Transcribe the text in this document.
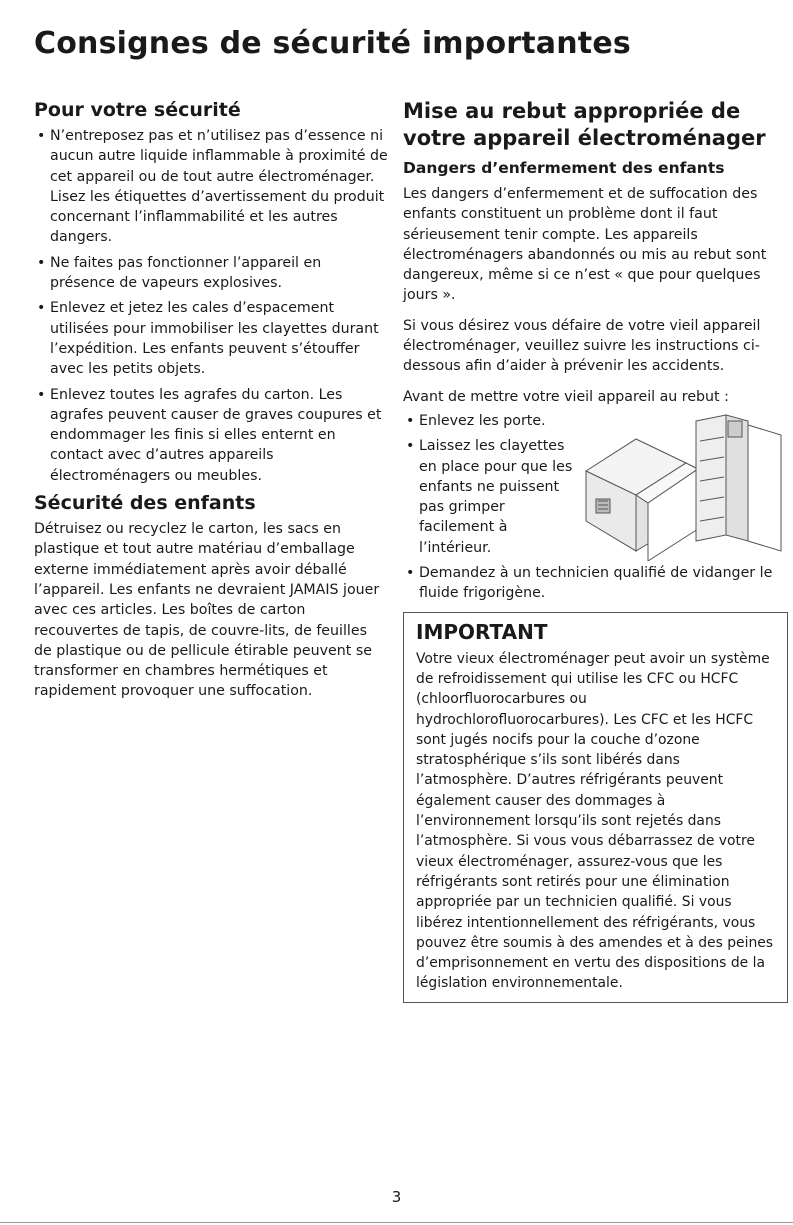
Consignes de sécurité importantes
Pour votre sécurité
• N’entreposez pas et n’utilisez pas d’essence ni aucun autre liquide inflammable à proximité de cet appareil ou de tout autre électroménager. Lisez les étiquettes d’avertissement du produit concernant l’inflammabilité et les autres dangers.
• Ne faites pas fonctionner l’appareil en présence de vapeurs explosives.
• Enlevez et jetez les cales d’espacement utilisées pour immobiliser les clayettes durant l’expédition. Les enfants peuvent s’étouffer avec les petits objets.
• Enlevez toutes les agrafes du carton. Les agrafes peuvent causer de graves coupures et endommager les finis si elles enternt en contact avec d’autres appareils électroménagers ou meubles.
Sécurité des enfants

Détruisez ou recyclez le carton, les sacs en plastique et tout autre matériau d’emballage externe immédiatement après avoir déballé l’appareil. Les enfants ne devraient JAMAIS jouer avec ces articles. Les boîtes de carton recouvertes de tapis, de couvre-lits, de feuilles de plastique ou de pellicule étirable peuvent se transformer en chambres hermétiques et rapidement provoquer une suffocation.

Mise au rebut appropriée de votre appareil électroménager
Dangers d’enfermement des enfants

Les dangers d’enfermement et de suffocation des enfants constituent un problème dont il faut sérieusement tenir compte. Les appareils électroménagers abandonnés ou mis au rebut sont dangereux, même si ce n’est « que pour quelques jours ».

Si vous désirez vous défaire de votre vieil appareil électroménager, veuillez suivre les instructions ci-dessous afin d’aider à prévenir les accidents.

Avant de mettre votre vieil appareil au rebut :

• Enlevez les porte.
• Laissez les clayettes en place pour que les enfants ne puissent pas grimper facilement à l’intérieur.
• Demandez à un technicien qualifié de vidanger le fluide frigorigène.
IMPORTANT

Votre vieux électroménager peut avoir un système de refroidissement qui utilise les CFC ou HCFC (chloorfluorocarbures ou hydrochlorofluorocarbures). Les CFC et les HCFC sont jugés nocifs pour la couche d’ozone stratosphérique s’ils sont libérés dans l’atmosphère. D’autres réfrigérants peuvent également causer des dommages à l’environnement lorsqu’ils sont rejetés dans l’atmosphère. Si vous vous débarrassez de votre vieux électroménager, assurez-vous que les réfrigérants sont retirés pour une élimination appropriée par un technicien qualifié. Si vous libérez intentionnellement des réfrigérants, vous pouvez être soumis à des amendes et à des peines d’emprisonnement en vertu des dispositions de la législation environnementale.

3
